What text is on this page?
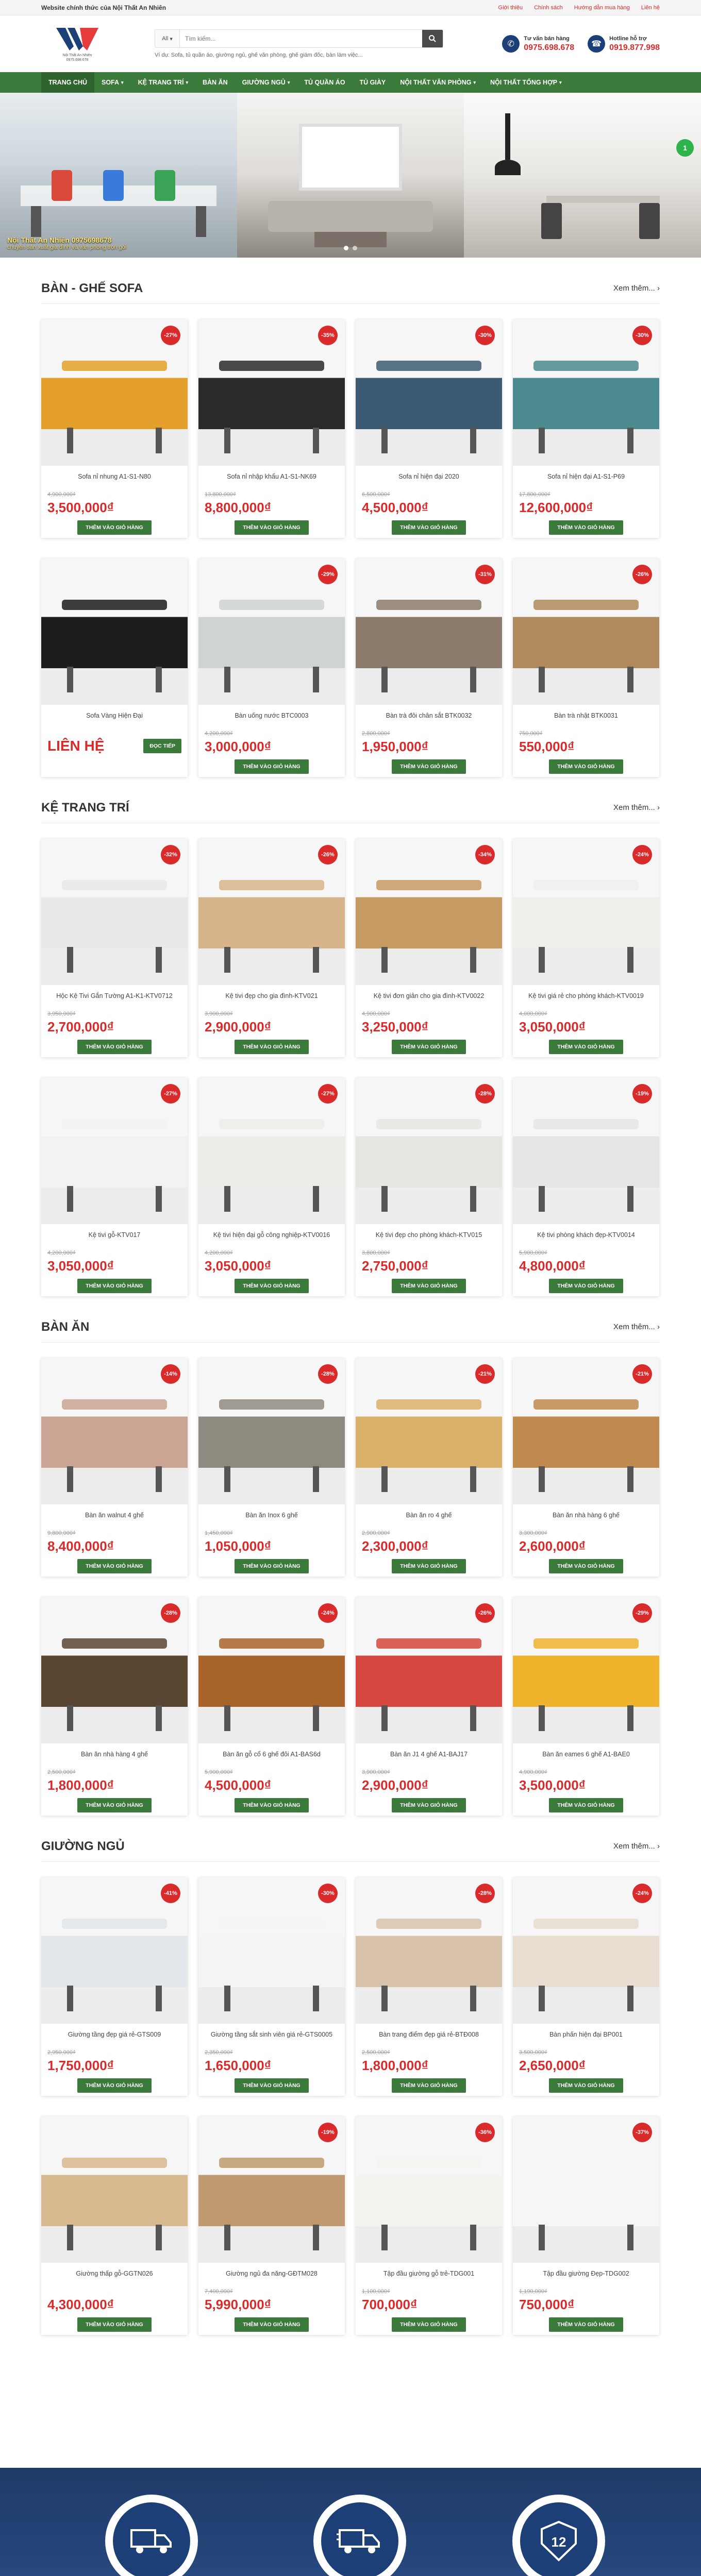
Website chính thức của Nội Thất An Nhiên	Giới thiệu Chính sách Hướng dẫn mua hàng Liên hệ
Nội Thất An Nhiên
0975.698.678
All ▾
Tìm kiếm...
Ví dụ: Sofa, tủ quần áo, giường ngủ, ghế văn phòng, ghế giám đốc, bàn làm việc...
✆
Tư vấn bán hàng
0975.698.678	☎
Hotline hỗ trợ
0919.877.998
TRANG CHỦ SOFA ▾ KỆ TRANG TRÍ ▾ BÀN ĂN GIƯỜNG NGỦ ▾ TỦ QUẦN ÁO TỦ GIÀY NỘI THẤT VĂN PHÒNG ▾ NỘI THẤT TỔNG HỢP ▾
Nội Thất An Nhiên 0975698678
chuyên sản xuất gia đình và văn phòng trọn gói
1
BÀN - GHẾ SOFA	Xem thêm... ›
-27%
Sofa nỉ nhung A1-S1-N80
4,900,000₫
3,500,000₫
THÊM VÀO GIỎ HÀNG
-35%
Sofa nỉ nhập khẩu A1-S1-NK69
13,800,000₫
8,800,000₫
THÊM VÀO GIỎ HÀNG
-30%
Sofa nỉ hiện đại 2020
6,500,000₫
4,500,000₫
THÊM VÀO GIỎ HÀNG
-30%
Sofa nỉ hiện đại A1-S1-P69
17,800,000₫
12,600,000₫
THÊM VÀO GIỎ HÀNG
Sofa Vàng Hiện Đại
LIÊN HỆ	ĐỌC TIẾP
-29%
Bàn uống nước BTC0003
4,200,000₫
3,000,000₫
THÊM VÀO GIỎ HÀNG
-31%
Bàn trà đôi chân sắt BTK0032
2,800,000₫
1,950,000₫
THÊM VÀO GIỎ HÀNG
-26%
Bàn trà nhật BTK0031
750,000₫
550,000₫
THÊM VÀO GIỎ HÀNG
KỆ TRANG TRÍ	Xem thêm... ›
-32%
Hộc Kệ Tivi Gắn Tường A1-K1-KTV0712
3,950,000₫
2,700,000₫
THÊM VÀO GIỎ HÀNG
-26%
Kệ tivi đẹp cho gia đình-KTV021
3,900,000₫
2,900,000₫
THÊM VÀO GIỎ HÀNG
-34%
Kệ tivi đơn giản cho gia đình-KTV0022
4,900,000₫
3,250,000₫
THÊM VÀO GIỎ HÀNG
-24%
Kệ tivi giá rẻ cho phòng khách-KTV0019
4,000,000₫
3,050,000₫
THÊM VÀO GIỎ HÀNG
-27%
Kệ tivi gỗ-KTV017
4,200,000₫
3,050,000₫
THÊM VÀO GIỎ HÀNG
-27%
Kệ tivi hiện đại gỗ công nghiệp-KTV0016
4,200,000₫
3,050,000₫
THÊM VÀO GIỎ HÀNG
-28%
Kệ tivi đẹp cho phòng khách-KTV015
3,800,000₫
2,750,000₫
THÊM VÀO GIỎ HÀNG
-19%
Kệ tivi phòng khách đẹp-KTV0014
5,900,000₫
4,800,000₫
THÊM VÀO GIỎ HÀNG
BÀN ĂN	Xem thêm... ›
-14%
Bàn ăn walnut 4 ghế
9,800,000₫
8,400,000₫
THÊM VÀO GIỎ HÀNG
-28%
Bàn ăn Inox 6 ghế
1,450,000₫
1,050,000₫
THÊM VÀO GIỎ HÀNG
-21%
Bàn ăn ro 4 ghế
2,900,000₫
2,300,000₫
THÊM VÀO GIỎ HÀNG
-21%
Bàn ăn nhà hàng 6 ghế
3,300,000₫
2,600,000₫
THÊM VÀO GIỎ HÀNG
-28%
Bàn ăn nhà hàng 4 ghế
2,500,000₫
1,800,000₫
THÊM VÀO GIỎ HÀNG
-24%
Bàn ăn gỗ cổ 6 ghế đôi A1-BAS6d
5,900,000₫
4,500,000₫
THÊM VÀO GIỎ HÀNG
-26%
Bàn ăn J1 4 ghế A1-BAJ17
3,900,000₫
2,900,000₫
THÊM VÀO GIỎ HÀNG
-29%
Bàn ăn eames 6 ghế A1-BAE0
4,900,000₫
3,500,000₫
THÊM VÀO GIỎ HÀNG
GIƯỜNG NGỦ	Xem thêm... ›
-41%
Giường tầng đẹp giá rẻ-GTS009
2,950,000₫
1,750,000₫
THÊM VÀO GIỎ HÀNG
-30%
Giường tầng sắt sinh viên giá rẻ-GTS0005
2,350,000₫
1,650,000₫
THÊM VÀO GIỎ HÀNG
-28%
Bàn trang điểm đẹp giá rẻ-BTĐ008
2,500,000₫
1,800,000₫
THÊM VÀO GIỎ HÀNG
-24%
Bàn phấn hiện đại BP001
3,500,000₫
2,650,000₫
THÊM VÀO GIỎ HÀNG
Giường thấp gỗ-GGTN026
4,300,000₫
THÊM VÀO GIỎ HÀNG
-19%
Giường ngủ đa năng-GĐTM028
7,400,000₫
5,990,000₫
THÊM VÀO GIỎ HÀNG
-36%
Tập đầu giường gỗ trẻ-TDG001
1,100,000₫
700,000₫
THÊM VÀO GIỎ HÀNG
-37%
Tập đầu giường Đẹp-TDG002
1,190,000₫
750,000₫
THÊM VÀO GIỎ HÀNG
12
